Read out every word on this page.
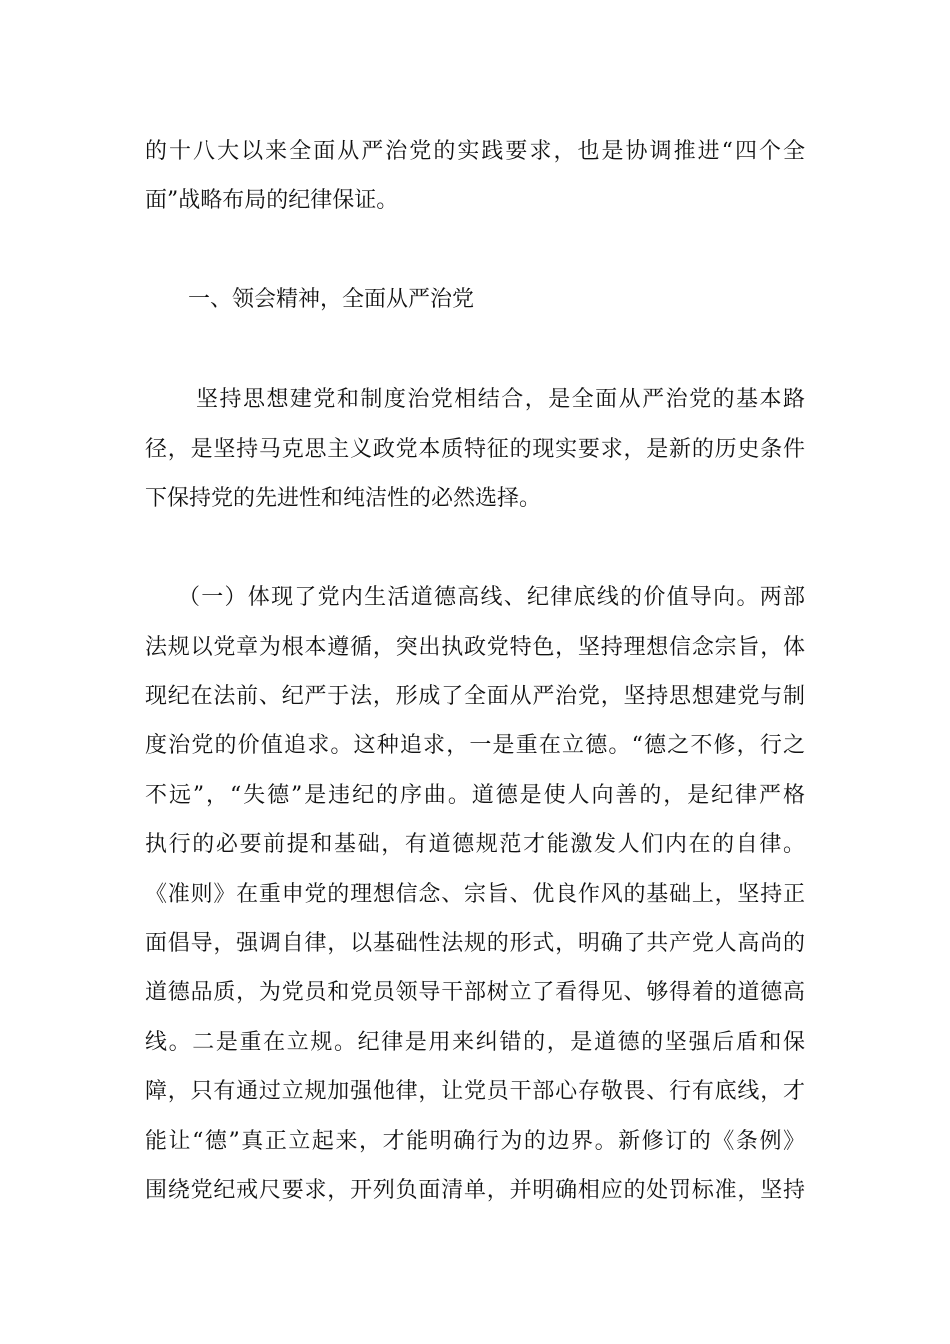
的十八大以来全面从严治党的实践要求，也是协调推进“四个全
面”战略布局的纪律保证。
一、领会精神，全面从严治党
坚持思想建党和制度治党相结合，是全面从严治党的基本路
径，是坚持马克思主义政党本质特征的现实要求，是新的历史条件
下保持党的先进性和纯洁性的必然选择。
（一）体现了党内生活道德高线、纪律底线的价值导向。两部
法规以党章为根本遵循，突出执政党特色，坚持理想信念宗旨，体
现纪在法前、纪严于法，形成了全面从严治党，坚持思想建党与制
度治党的价值追求。这种追求，一是重在立德。“德之不修，行之
不远”，“失德”是违纪的序曲。道德是使人向善的，是纪律严格
执行的必要前提和基础，有道德规范才能激发人们内在的自律。
《准则》在重申党的理想信念、宗旨、优良作风的基础上，坚持正
面倡导，强调自律，以基础性法规的形式，明确了共产党人高尚的
道德品质，为党员和党员领导干部树立了看得见、够得着的道德高
线。二是重在立规。纪律是用来纠错的，是道德的坚强后盾和保
障，只有通过立规加强他律，让党员干部心存敬畏、行有底线，才
能让“德”真正立起来，才能明确行为的边界。新修订的《条例》
围绕党纪戒尺要求，开列负面清单，并明确相应的处罚标准，坚持
